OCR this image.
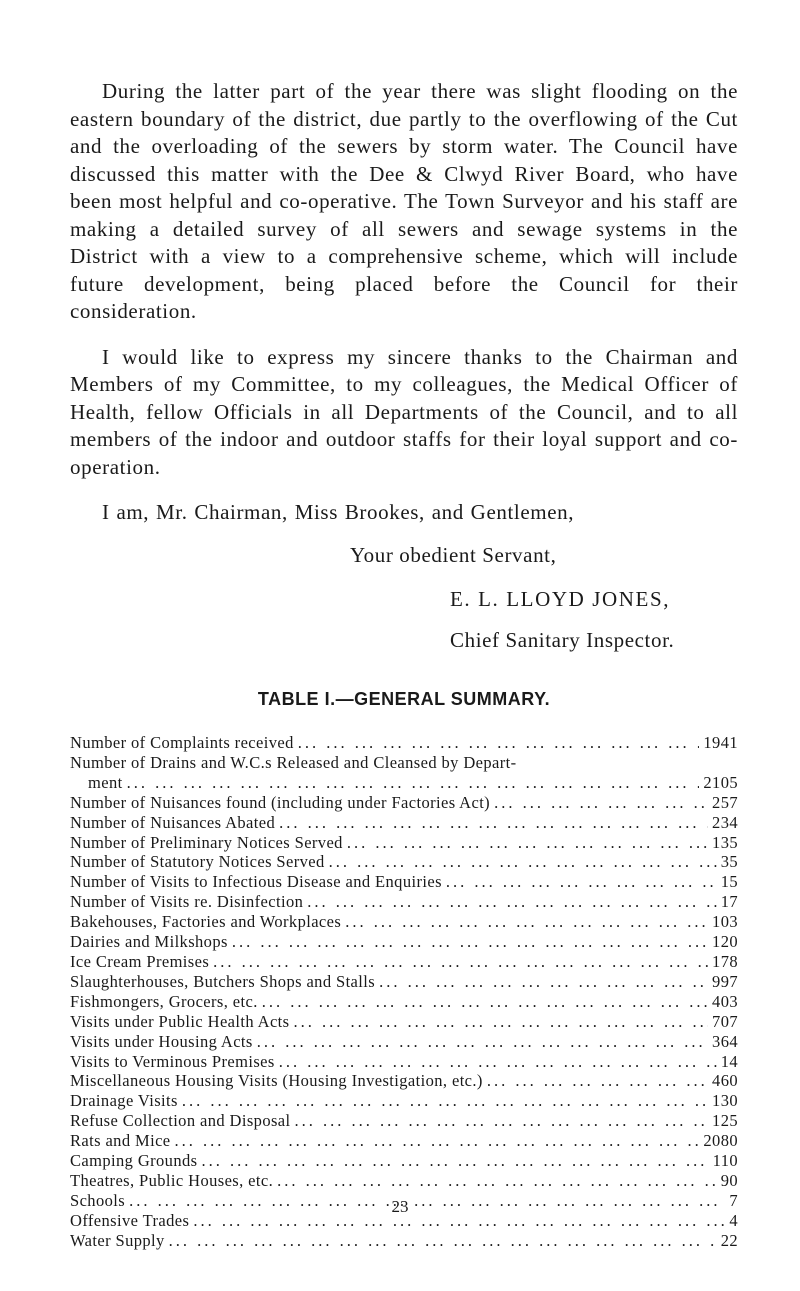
During the latter part of the year there was slight flooding on the eastern boundary of the district, due partly to the overflowing of the Cut and the overloading of the sewers by storm water. The Council have discussed this matter with the Dee & Clwyd River Board, who have been most helpful and co-operative. The Town Surveyor and his staff are making a detailed survey of all sewers and sewage systems in the District with a view to a comprehensive scheme, which will include future development, being placed before the Council for their consideration.

I would like to express my sincere thanks to the Chairman and Members of my Committee, to my colleagues, the Medical Officer of Health, fellow Officials in all Departments of the Council, and to all members of the indoor and outdoor staffs for their loyal support and co-operation.

I am, Mr. Chairman, Miss Brookes, and Gentlemen,

Your obedient Servant,

E. L. LLOYD JONES,

Chief Sanitary Inspector.

TABLE I.—GENERAL SUMMARY.
Number of Complaints received ... .	1941
Number of Drains and W.C.s Released and Cleansed by Depart-
ment ... .	2105
Number of Nuisances found (including under Factories Act) ... .	257
Number of Nuisances Abated ... .	234
Number of Preliminary Notices Served ... .	135
Number of Statutory Notices Served ... .	35
Number of Visits to Infectious Disease and Enquiries ... .	15
Number of Visits re. Disinfection ... .	17
Bakehouses, Factories and Workplaces ... .	103
Dairies and Milkshops ... .	120
Ice Cream Premises ... .	178
Slaughterhouses, Butchers Shops and Stalls ... .	997
Fishmongers, Grocers, etc. ... .	403
Visits under Public Health Acts ... .	707
Visits under Housing Acts ... .	364
Visits to Verminous Premises ... .	14
Miscellaneous Housing Visits (Housing Investigation, etc.) ... .	460
Drainage Visits ... .	130
Refuse Collection and Disposal ... .	125
Rats and Mice ... .	2080
Camping Grounds ... .	110
Theatres, Public Houses, etc. ... .	90
Schools ... .	7
Offensive Trades ... .	4
Water Supply ... .	22
23
